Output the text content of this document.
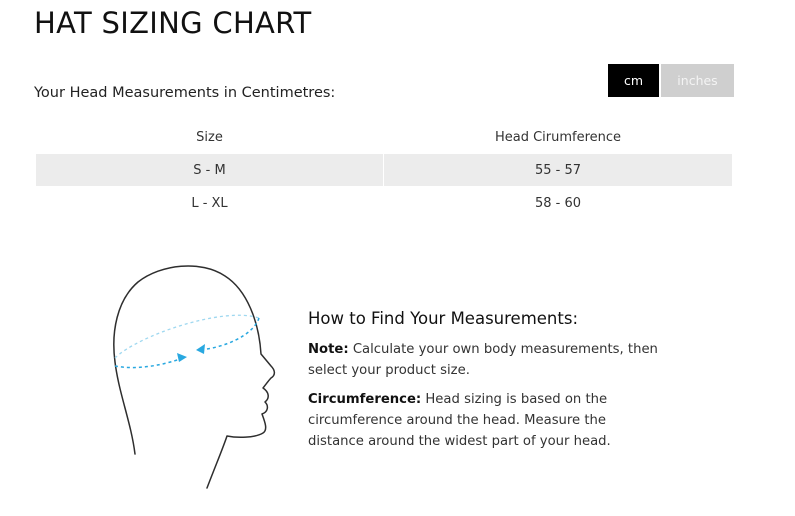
HAT SIZING CHART
Your Head Measurements in Centimetres:
cm	inches
Size	Head Cirumference
S - M	55 - 57
L - XL	58 - 60
How to Find Your Measurements:

Note: Calculate your own body measurements, then select your product size.

Circumference: Head sizing is based on the circumference around the head. Measure the distance around the widest part of your head.
